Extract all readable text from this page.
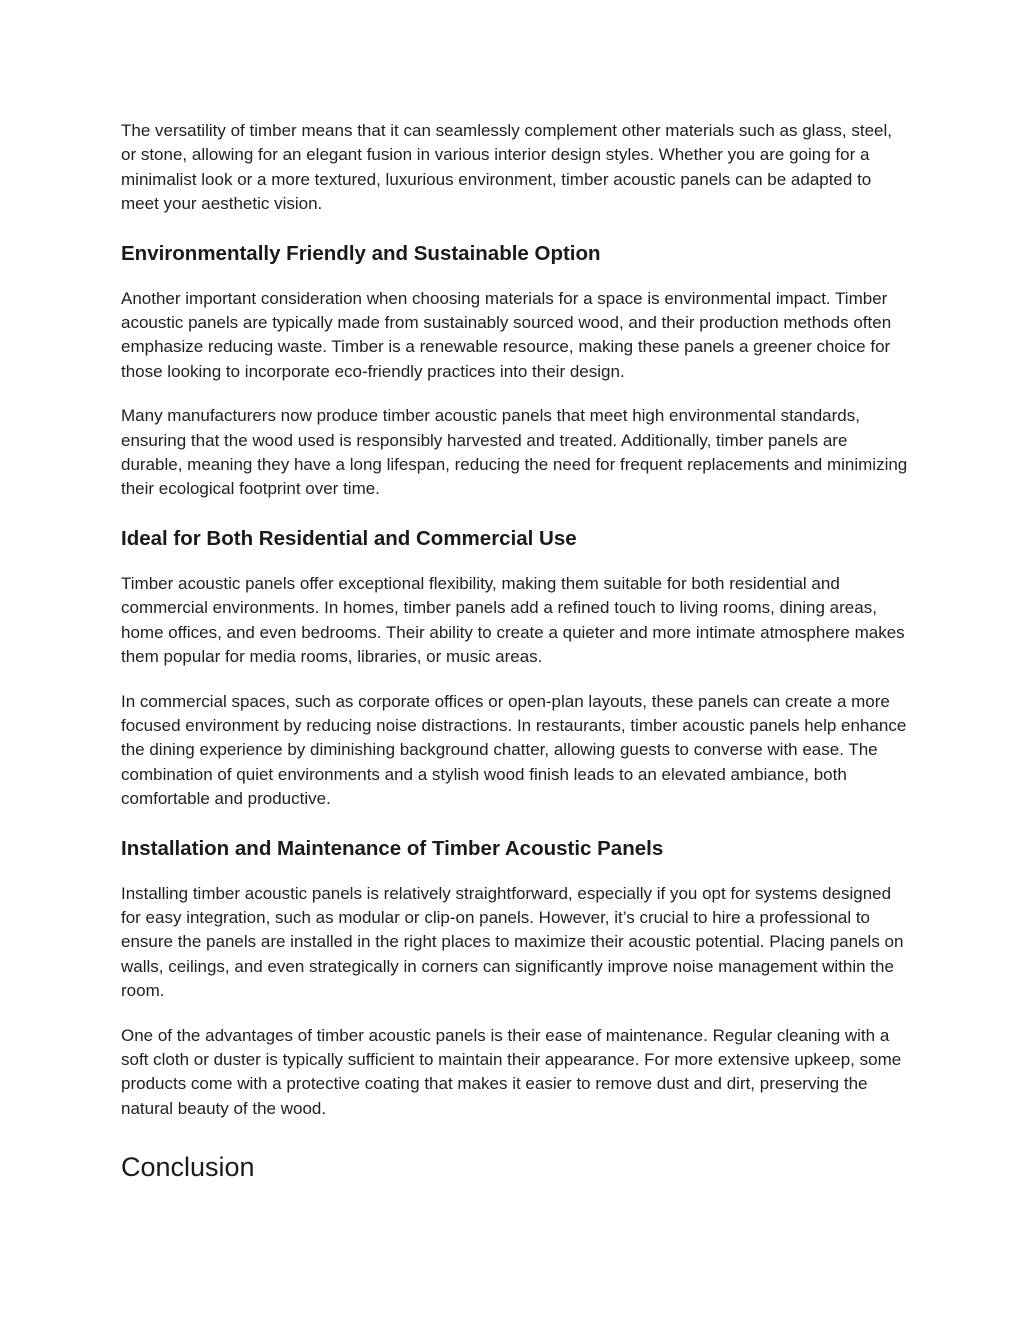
The versatility of timber means that it can seamlessly complement other materials such as glass, steel, or stone, allowing for an elegant fusion in various interior design styles. Whether you are going for a minimalist look or a more textured, luxurious environment, timber acoustic panels can be adapted to meet your aesthetic vision.

Environmentally Friendly and Sustainable Option

Another important consideration when choosing materials for a space is environmental impact. Timber acoustic panels are typically made from sustainably sourced wood, and their production methods often emphasize reducing waste. Timber is a renewable resource, making these panels a greener choice for those looking to incorporate eco-friendly practices into their design.

Many manufacturers now produce timber acoustic panels that meet high environmental standards, ensuring that the wood used is responsibly harvested and treated. Additionally, timber panels are durable, meaning they have a long lifespan, reducing the need for frequent replacements and minimizing their ecological footprint over time.

Ideal for Both Residential and Commercial Use

Timber acoustic panels offer exceptional flexibility, making them suitable for both residential and commercial environments. In homes, timber panels add a refined touch to living rooms, dining areas, home offices, and even bedrooms. Their ability to create a quieter and more intimate atmosphere makes them popular for media rooms, libraries, or music areas.

In commercial spaces, such as corporate offices or open-plan layouts, these panels can create a more focused environment by reducing noise distractions. In restaurants, timber acoustic panels help enhance the dining experience by diminishing background chatter, allowing guests to converse with ease. The combination of quiet environments and a stylish wood finish leads to an elevated ambiance, both comfortable and productive.

Installation and Maintenance of Timber Acoustic Panels

Installing timber acoustic panels is relatively straightforward, especially if you opt for systems designed for easy integration, such as modular or clip-on panels. However, it’s crucial to hire a professional to ensure the panels are installed in the right places to maximize their acoustic potential. Placing panels on walls, ceilings, and even strategically in corners can significantly improve noise management within the room.

One of the advantages of timber acoustic panels is their ease of maintenance. Regular cleaning with a soft cloth or duster is typically sufficient to maintain their appearance. For more extensive upkeep, some products come with a protective coating that makes it easier to remove dust and dirt, preserving the natural beauty of the wood.

Conclusion
